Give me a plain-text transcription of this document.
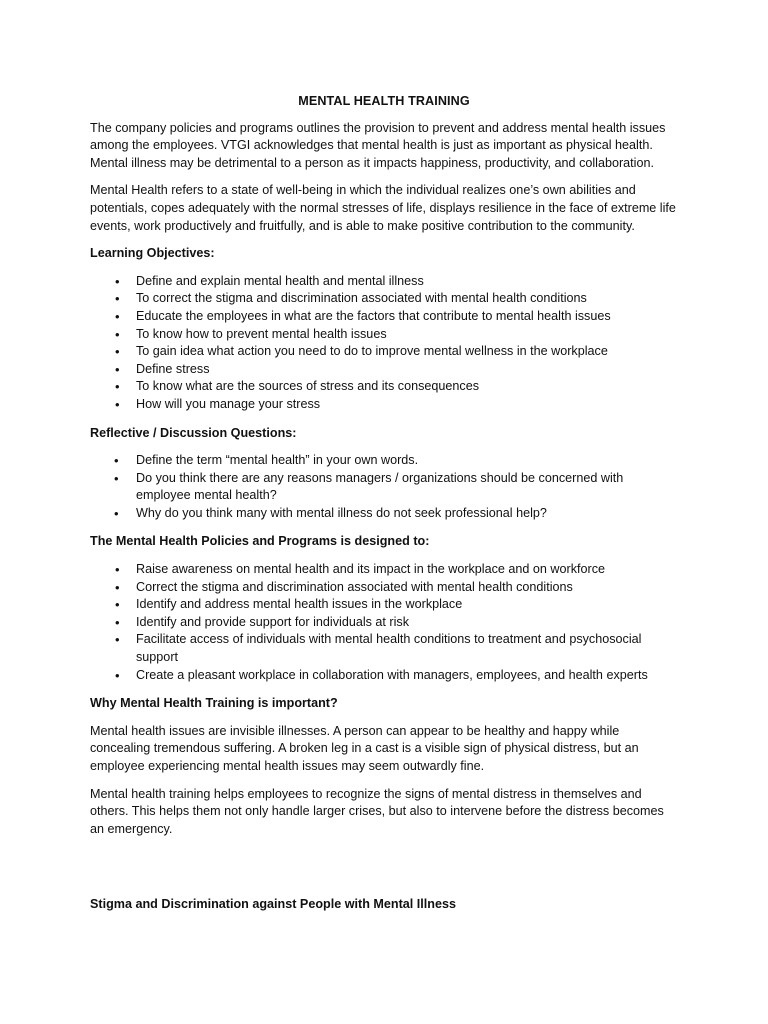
MENTAL HEALTH TRAINING

The company policies and programs outlines the provision to prevent and address mental health issues among the employees. VTGI acknowledges that mental health is just as important as physical health. Mental illness may be detrimental to a person as it impacts happiness, productivity, and collaboration.

Mental Health refers to a state of well-being in which the individual realizes one’s own abilities and potentials, copes adequately with the normal stresses of life, displays resilience in the face of extreme life events, work productively and fruitfully, and is able to make positive contribution to the community.

Learning Objectives:
• Define and explain mental health and mental illness
• To correct the stigma and discrimination associated with mental health conditions
• Educate the employees in what are the factors that contribute to mental health issues
• To know how to prevent mental health issues
• To gain idea what action you need to do to improve mental wellness in the workplace
• Define stress
• To know what are the sources of stress and its consequences
• How will you manage your stress
Reflective / Discussion Questions:
• Define the term “mental health” in your own words.
• Do you think there are any reasons managers / organizations should be concerned with employee mental health?
• Why do you think many with mental illness do not seek professional help?
The Mental Health Policies and Programs is designed to:
• Raise awareness on mental health and its impact in the workplace and on workforce
• Correct the stigma and discrimination associated with mental health conditions
• Identify and address mental health issues in the workplace
• Identify and provide support for individuals at risk
• Facilitate access of individuals with mental health conditions to treatment and psychosocial support
• Create a pleasant workplace in collaboration with managers, employees, and health experts
Why Mental Health Training is important?

Mental health issues are invisible illnesses. A person can appear to be healthy and happy while concealing tremendous suffering. A broken leg in a cast is a visible sign of physical distress, but an employee experiencing mental health issues may seem outwardly fine.

Mental health training helps employees to recognize the signs of mental distress in themselves and others. This helps them not only handle larger crises, but also to intervene before the distress becomes an emergency.

Stigma and Discrimination against People with Mental Illness
